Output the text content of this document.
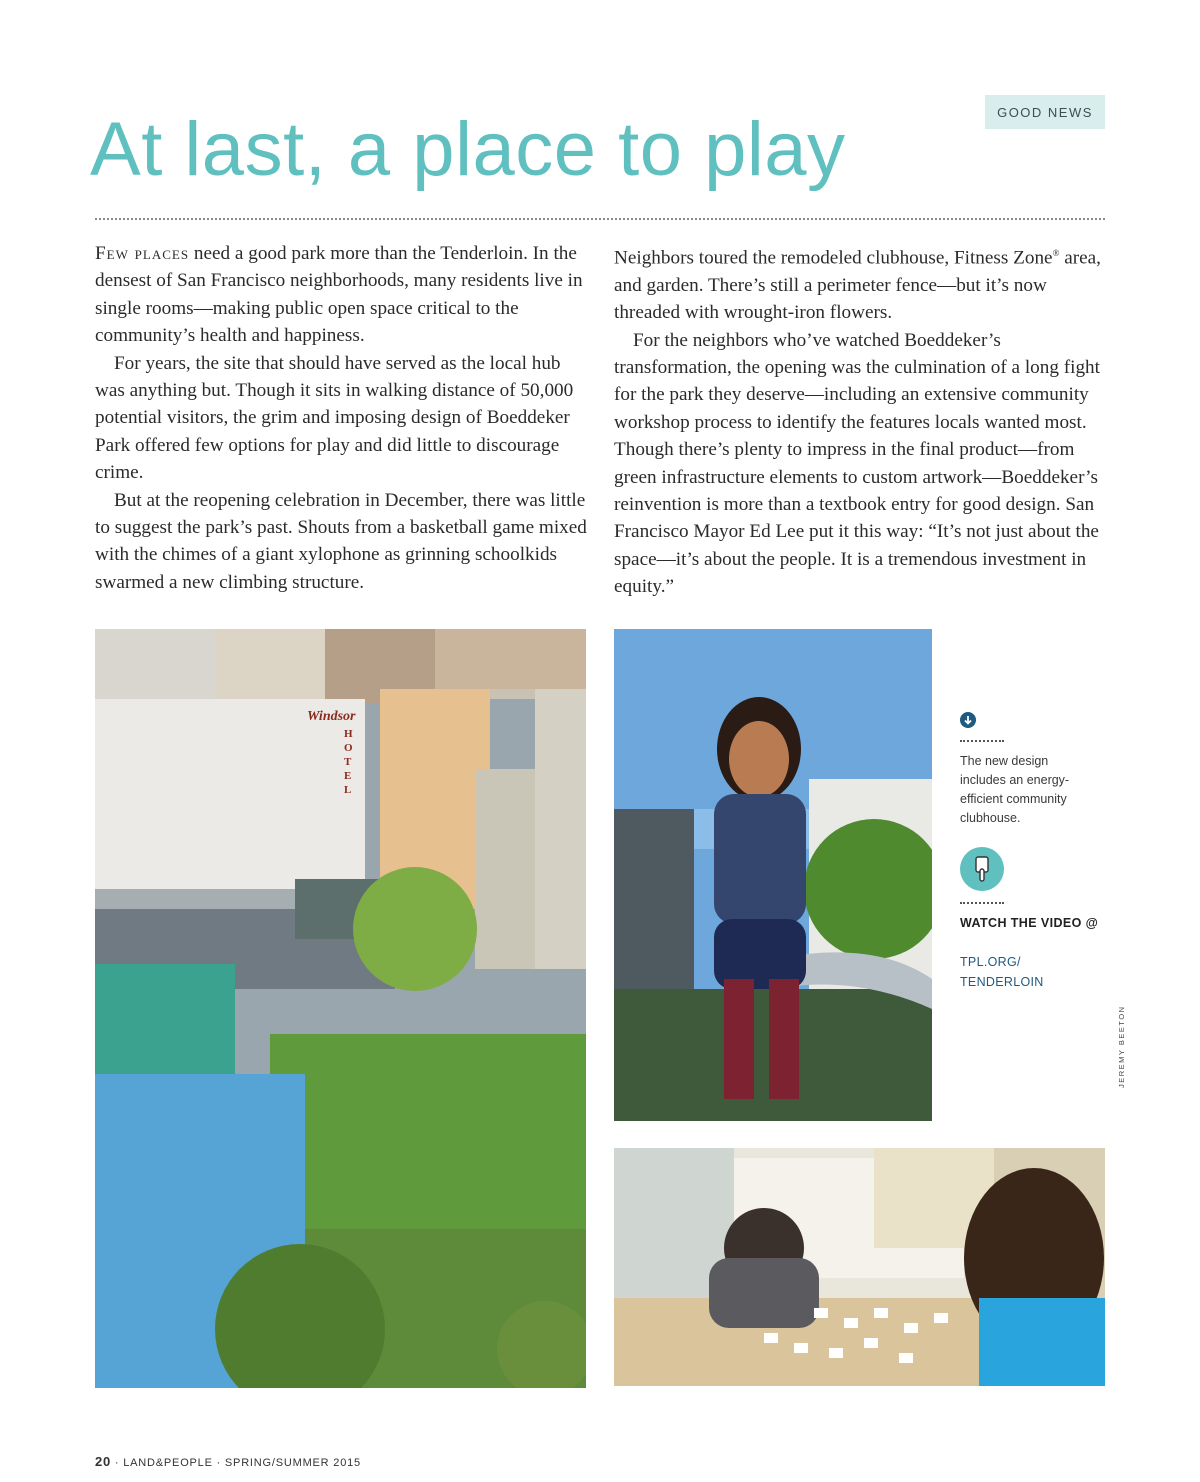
GOOD NEWS
At last, a place to play

Few places need a good park more than the Tenderloin. In the densest of San Francisco neighborhoods, many residents live in single rooms—making public open space critical to the community’s health and happiness.

For years, the site that should have served as the local hub was anything but. Though it sits in walking distance of 50,000 potential visitors, the grim and imposing design of Boeddeker Park offered few options for play and did little to discourage crime.

But at the reopening celebration in December, there was little to suggest the park’s past. Shouts from a basketball game mixed with the chimes of a giant xylophone as grinning schoolkids swarmed a new climbing structure.

Neighbors toured the remodeled clubhouse, Fitness Zone® area, and garden. There’s still a perimeter fence—but it’s now threaded with wrought-iron flowers.

For the neighbors who’ve watched Boeddeker’s transformation, the opening was the culmination of a long fight for the park they deserve—including an extensive community workshop process to identify the features locals wanted most. Though there’s plenty to impress in the final product—from green infrastructure elements to custom artwork—Boeddeker’s reinvention is more than a textbook entry for good design. San Francisco Mayor Ed Lee put it this way: “It’s not just about the space—it’s about the people. It is a tremendous investment in equity.”

Windsor
HOTEL
The new design includes an energy-efficient community clubhouse.
WATCH THE VIDEO @
TPL.ORG/
TENDERLOIN
JEREMY BEETON
20 · LAND&PEOPLE · SPRING/SUMMER 2015
